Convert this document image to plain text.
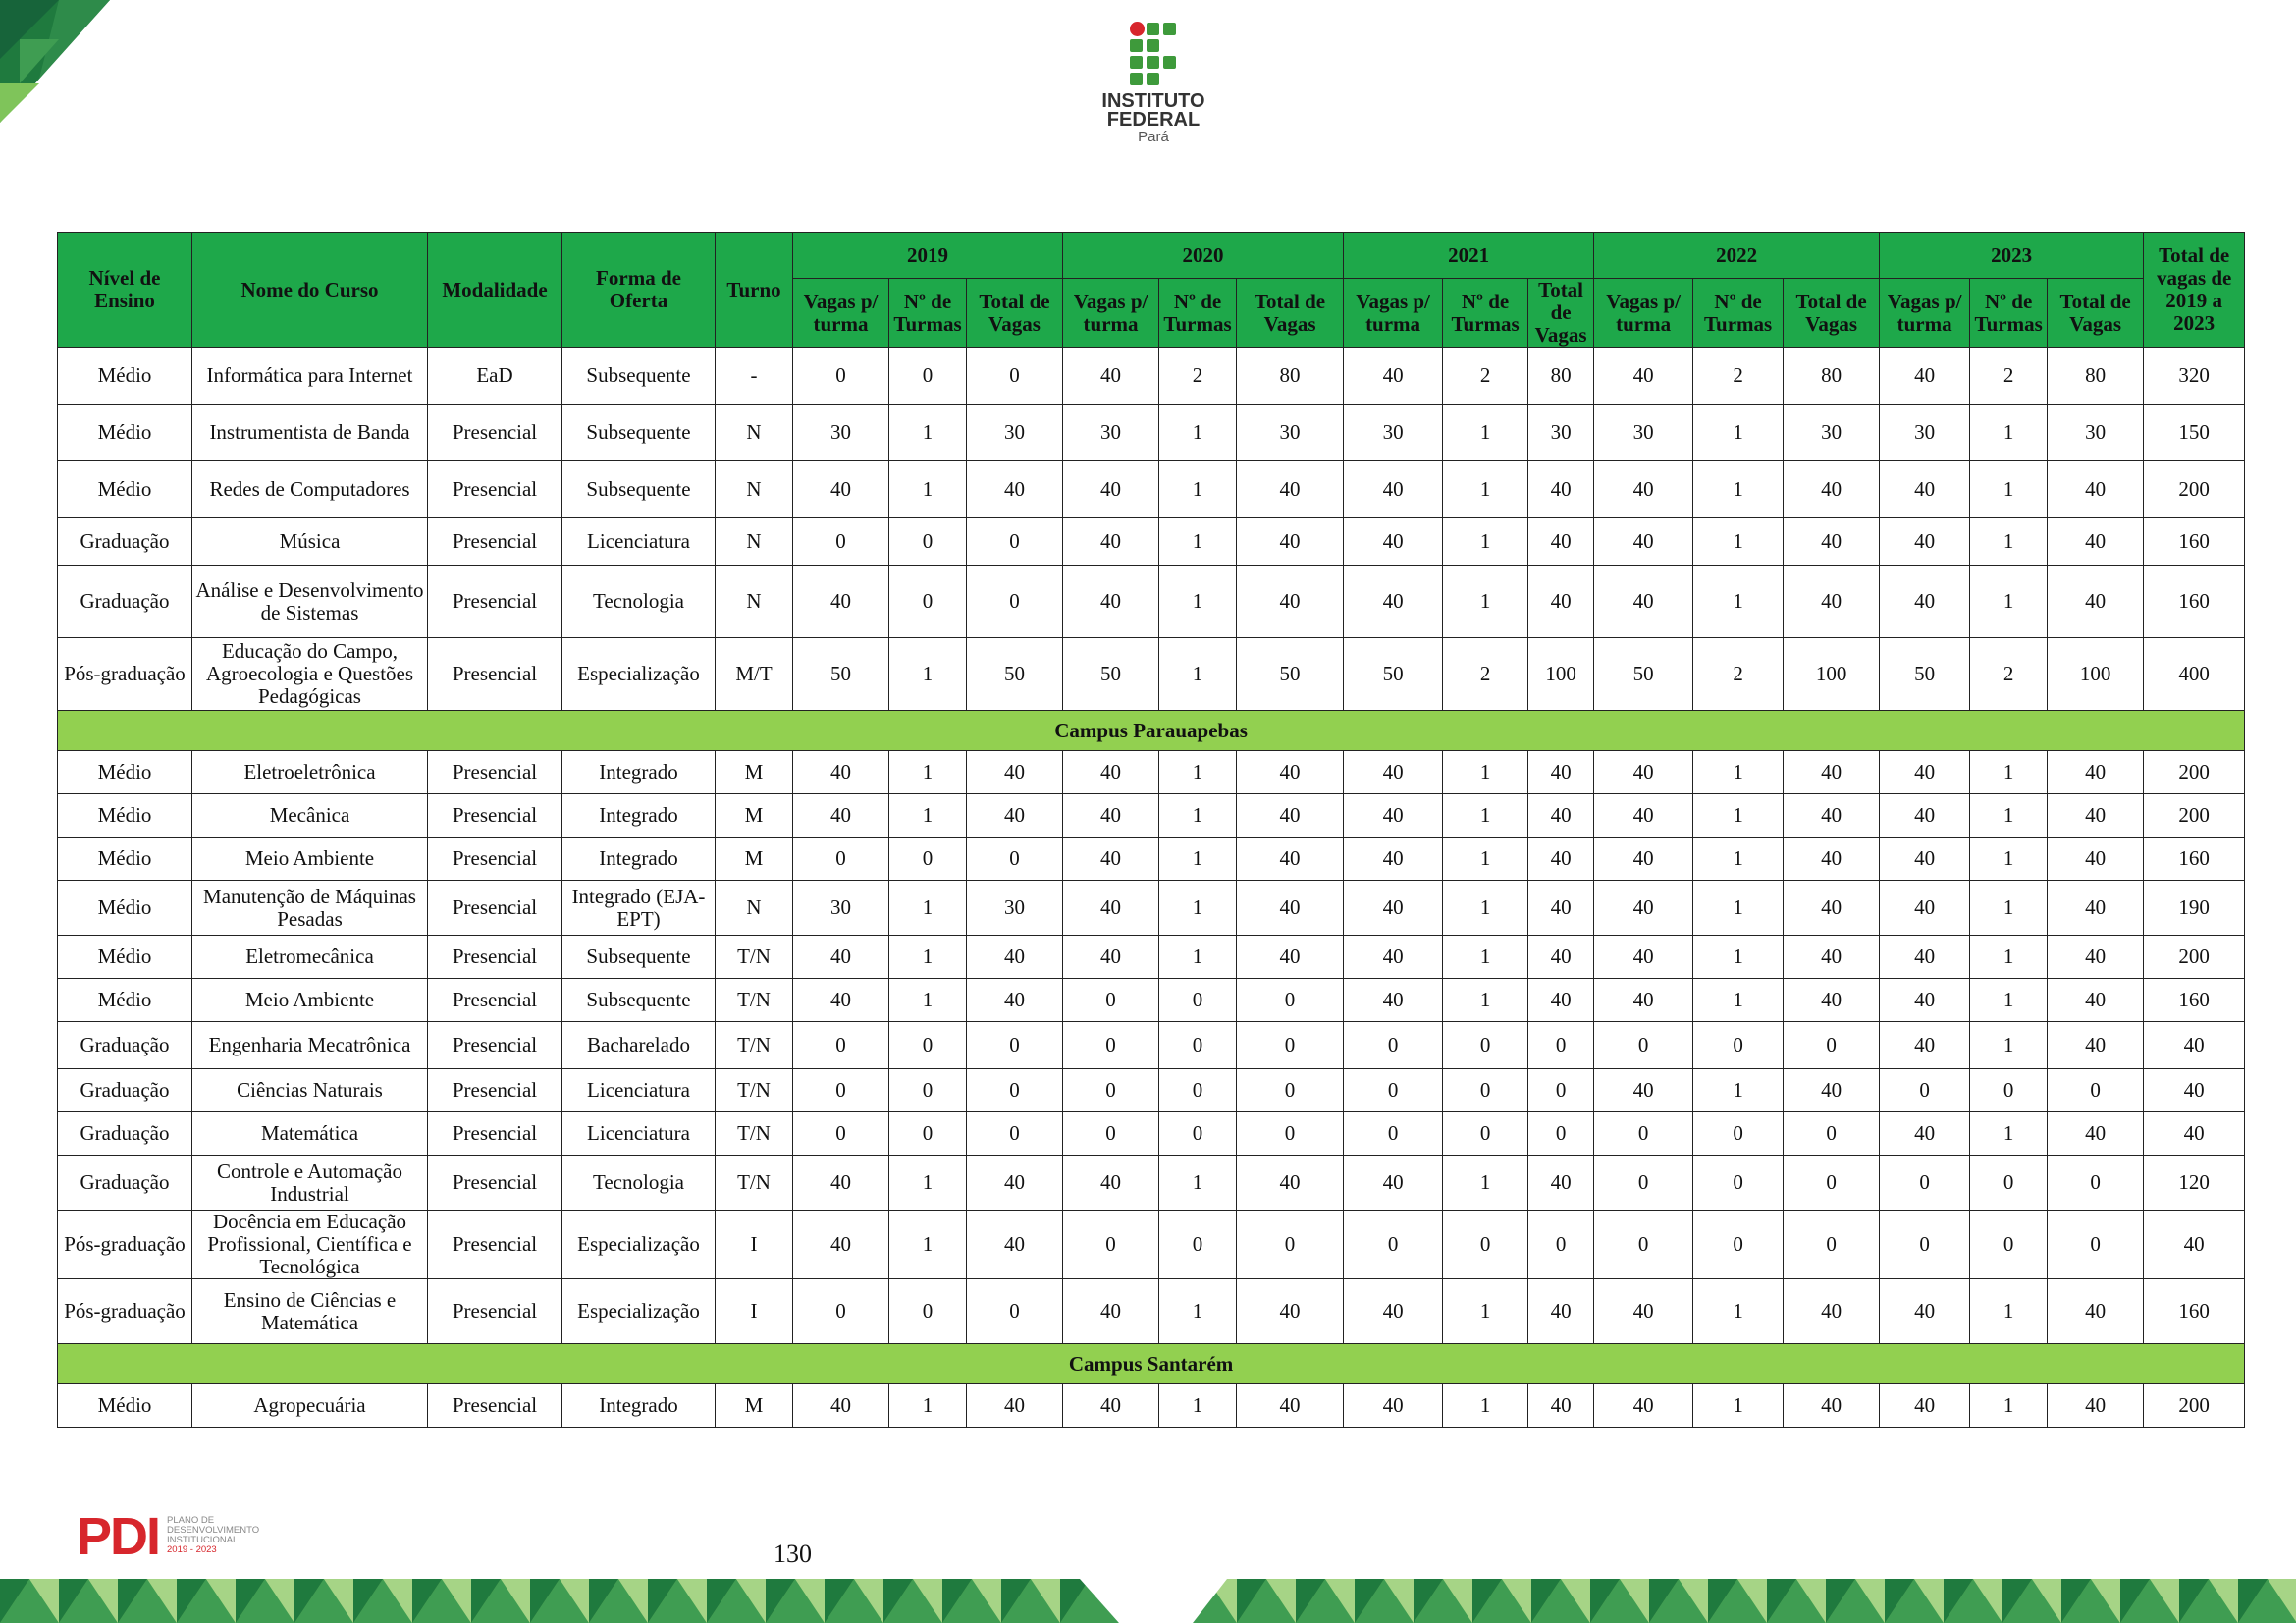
INSTITUTO
FEDERAL
Pará
Nível de Ensino	Nome do Curso	Modalidade	Forma de Oferta	Turno	2019			2020			2021			2022			2023			Total de vagas de 2019 a 2023
					Vagas p/ turma	Nº de Turmas	Total de Vagas	Vagas p/ turma	Nº de Turmas	Total de Vagas	Vagas p/ turma	Nº de Turmas	Total de Vagas	Vagas p/ turma	Nº de Turmas	Total de Vagas	Vagas p/ turma	Nº de Turmas	Total de Vagas	
Médio	Informática para Internet	EaD	Subsequente	-	0	0	0	40	2	80	40	2	80	40	2	80	40	2	80	320
Médio	Instrumentista de Banda	Presencial	Subsequente	N	30	1	30	30	1	30	30	1	30	30	1	30	30	1	30	150
Médio	Redes de Computadores	Presencial	Subsequente	N	40	1	40	40	1	40	40	1	40	40	1	40	40	1	40	200
Graduação	Música	Presencial	Licenciatura	N	0	0	0	40	1	40	40	1	40	40	1	40	40	1	40	160
Graduação	Análise e Desenvolvimento de Sistemas	Presencial	Tecnologia	N	40	0	0	40	1	40	40	1	40	40	1	40	40	1	40	160
Pós-graduação	Educação do Campo, Agroecologia e Questões Pedagógicas	Presencial	Especialização	M/T	50	1	50	50	1	50	50	2	100	50	2	100	50	2	100	400
Campus Parauapebas																				
Médio	Eletroeletrônica	Presencial	Integrado	M	40	1	40	40	1	40	40	1	40	40	1	40	40	1	40	200
Médio	Mecânica	Presencial	Integrado	M	40	1	40	40	1	40	40	1	40	40	1	40	40	1	40	200
Médio	Meio Ambiente	Presencial	Integrado	M	0	0	0	40	1	40	40	1	40	40	1	40	40	1	40	160
Médio	Manutenção de Máquinas Pesadas	Presencial	Integrado (EJA-EPT)	N	30	1	30	40	1	40	40	1	40	40	1	40	40	1	40	190
Médio	Eletromecânica	Presencial	Subsequente	T/N	40	1	40	40	1	40	40	1	40	40	1	40	40	1	40	200
Médio	Meio Ambiente	Presencial	Subsequente	T/N	40	1	40	0	0	0	40	1	40	40	1	40	40	1	40	160
Graduação	Engenharia Mecatrônica	Presencial	Bacharelado	T/N	0	0	0	0	0	0	0	0	0	0	0	0	40	1	40	40
Graduação	Ciências Naturais	Presencial	Licenciatura	T/N	0	0	0	0	0	0	0	0	0	40	1	40	0	0	0	40
Graduação	Matemática	Presencial	Licenciatura	T/N	0	0	0	0	0	0	0	0	0	0	0	0	40	1	40	40
Graduação	Controle e Automação Industrial	Presencial	Tecnologia	T/N	40	1	40	40	1	40	40	1	40	0	0	0	0	0	0	120
Pós-graduação	Docência em Educação Profissional, Científica e Tecnológica	Presencial	Especialização	I	40	1	40	0	0	0	0	0	0	0	0	0	0	0	0	40
Pós-graduação	Ensino de Ciências e Matemática	Presencial	Especialização	I	0	0	0	40	1	40	40	1	40	40	1	40	40	1	40	160
Campus Santarém																				
Médio	Agropecuária	Presencial	Integrado	M	40	1	40	40	1	40	40	1	40	40	1	40	40	1	40	200
PDI PLANO DE
DESENVOLVIMENTO
INSTITUCIONAL
2019 - 2023	130
